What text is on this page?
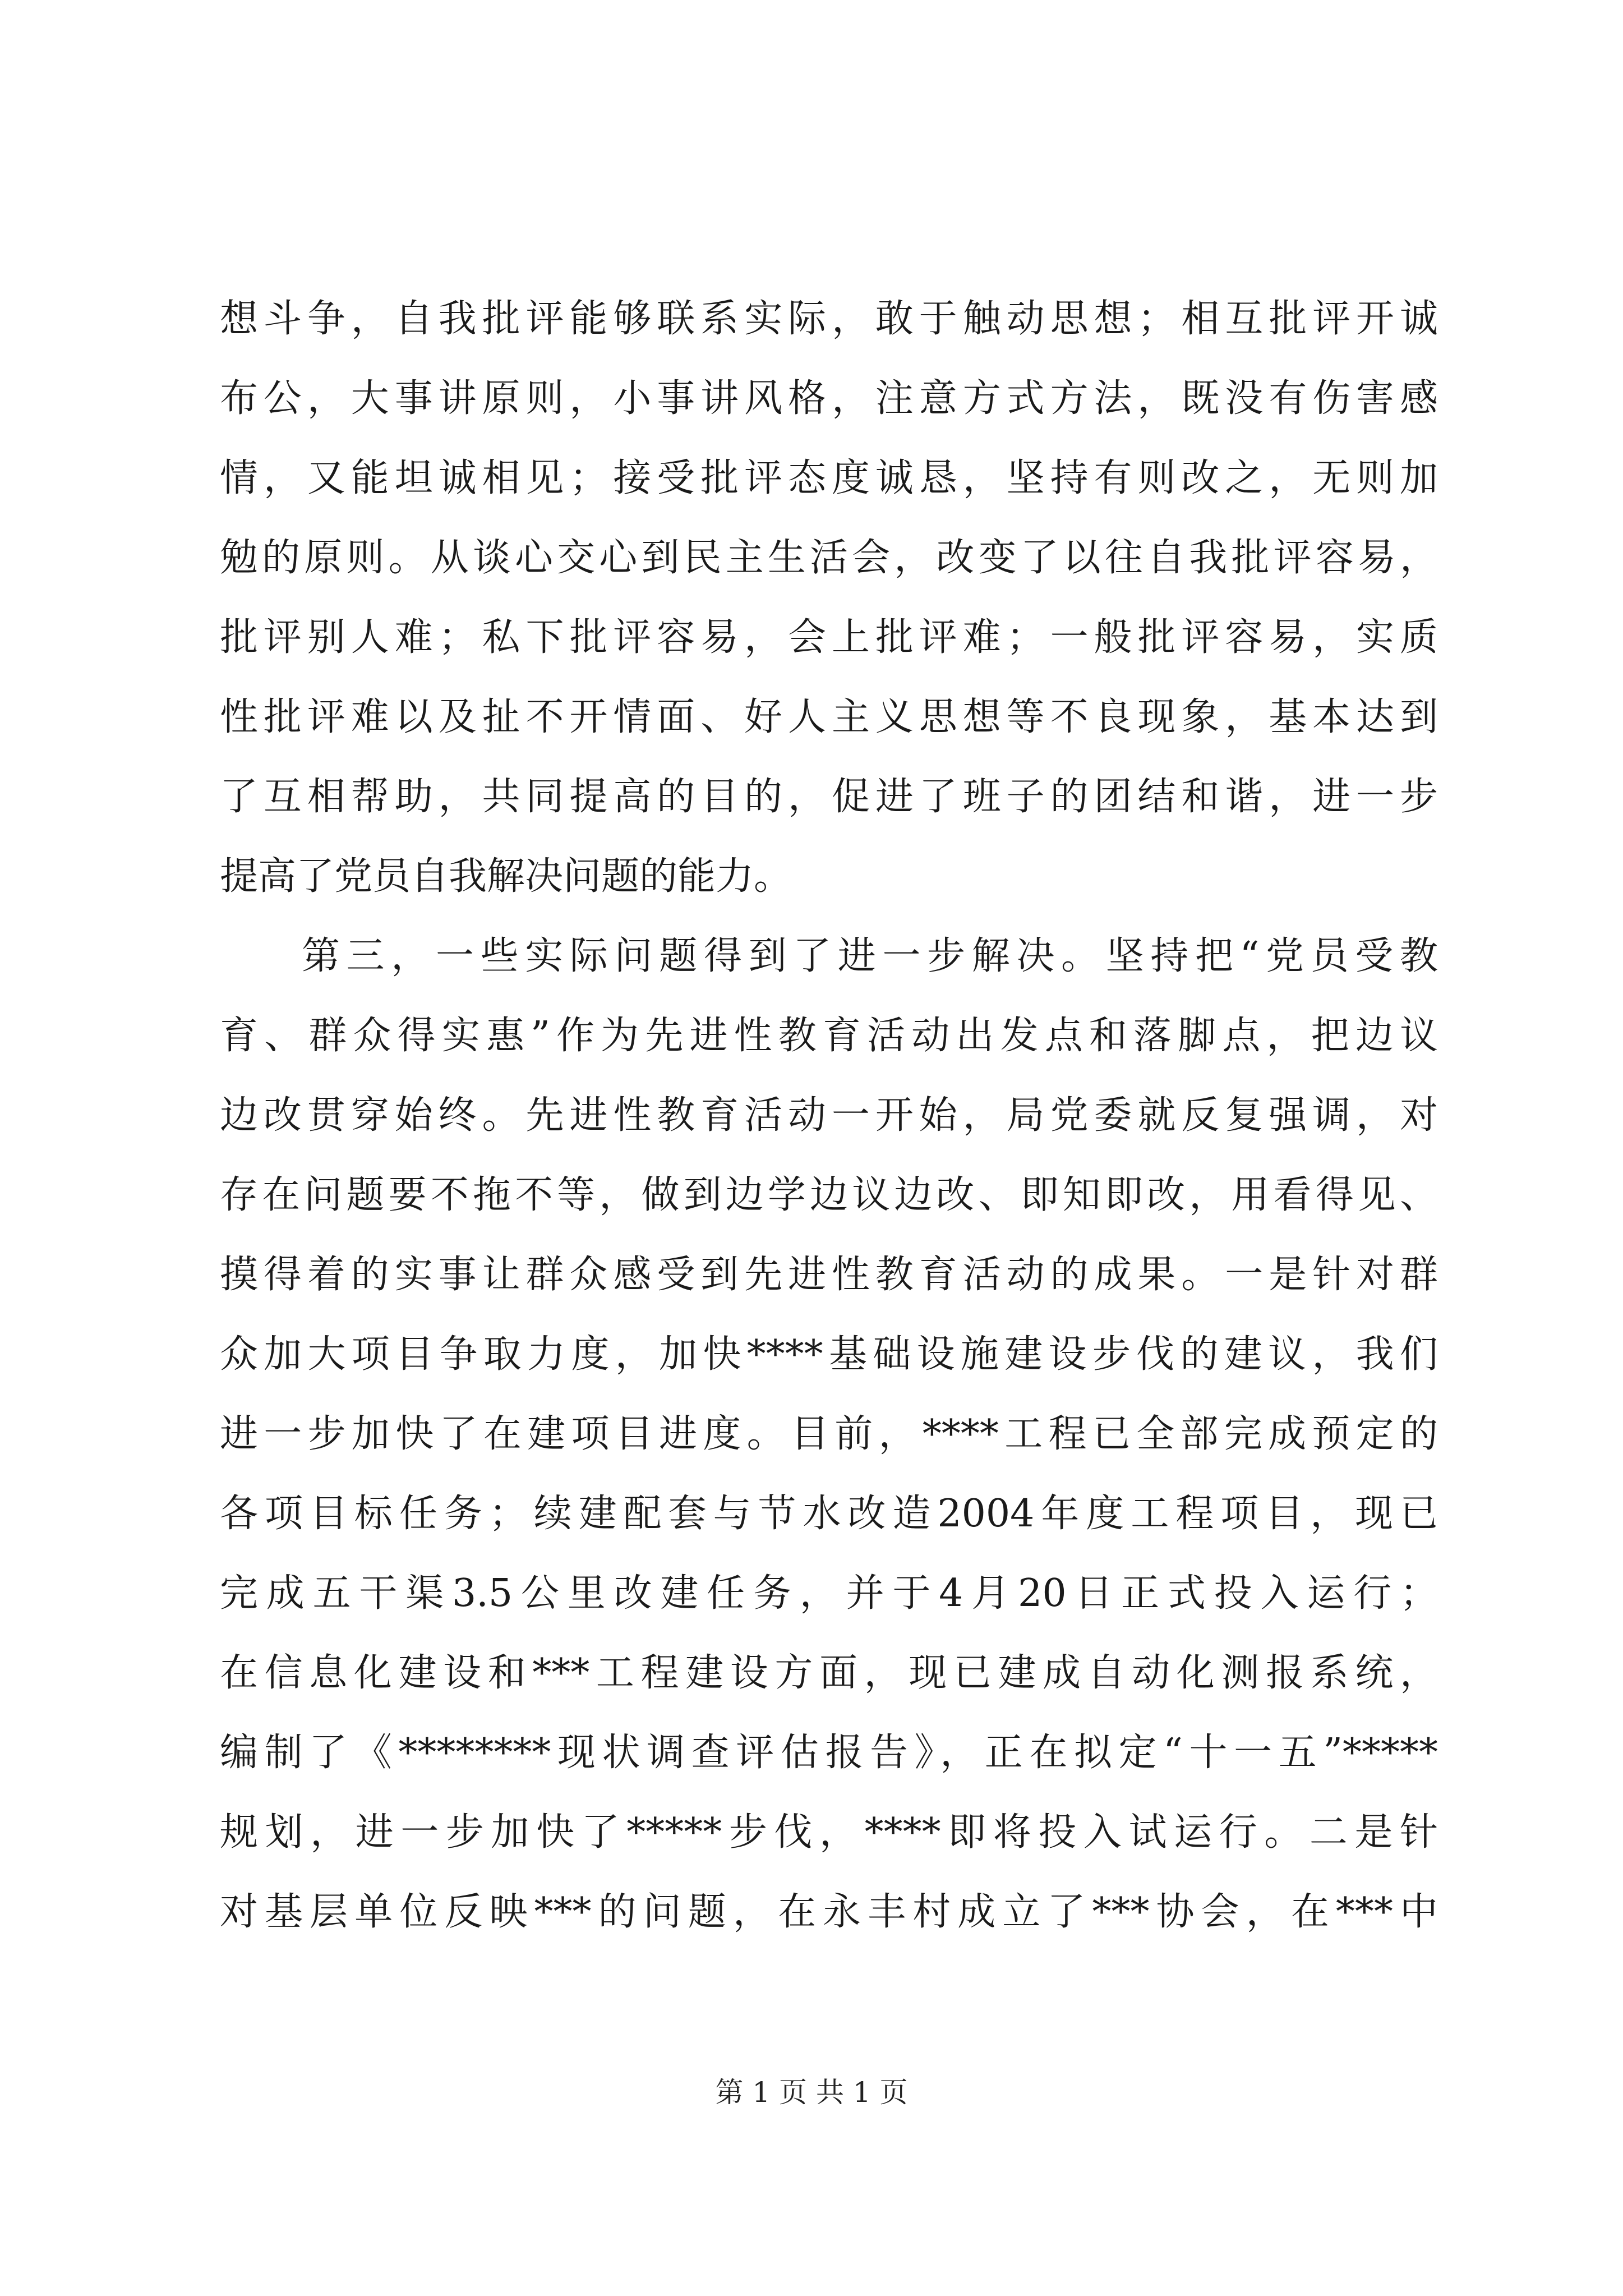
想斗争，自我批评能够联系实际，敢于触动思想；相互批评开诚
布公，大事讲原则，小事讲风格，注意方式方法，既没有伤害感
情，又能坦诚相见；接受批评态度诚恳，坚持有则改之，无则加
勉的原则。从谈心交心到民主生活会，改变了以往自我批评容易，
批评别人难；私下批评容易，会上批评难；一般批评容易，实质
性批评难以及扯不开情面、好人主义思想等不良现象，基本达到
了互相帮助，共同提高的目的，促进了班子的团结和谐，进一步
提高了党员自我解决问题的能力。
第三，一些实际问题得到了进一步解决。坚持把“党员受教
育、群众得实惠”作为先进性教育活动出发点和落脚点，把边议
边改贯穿始终。先进性教育活动一开始，局党委就反复强调，对
存在问题要不拖不等，做到边学边议边改、即知即改，用看得见、
摸得着的实事让群众感受到先进性教育活动的成果。一是针对群
众加大项目争取力度，加快****基础设施建设步伐的建议，我们
进一步加快了在建项目进度。目前，****工程已全部完成预定的
各项目标任务；续建配套与节水改造2004年度工程项目，现已
完成五干渠3.5公里改建任务，并于4月20日正式投入运行；
在信息化建设和***工程建设方面，现已建成自动化测报系统，
编制了《********现状调查评估报告》，正在拟定“十一五”*****
规划，进一步加快了*****步伐，****即将投入试运行。二是针
对基层单位反映***的问题，在永丰村成立了***协会，在***中
第 1 页 共 1 页
